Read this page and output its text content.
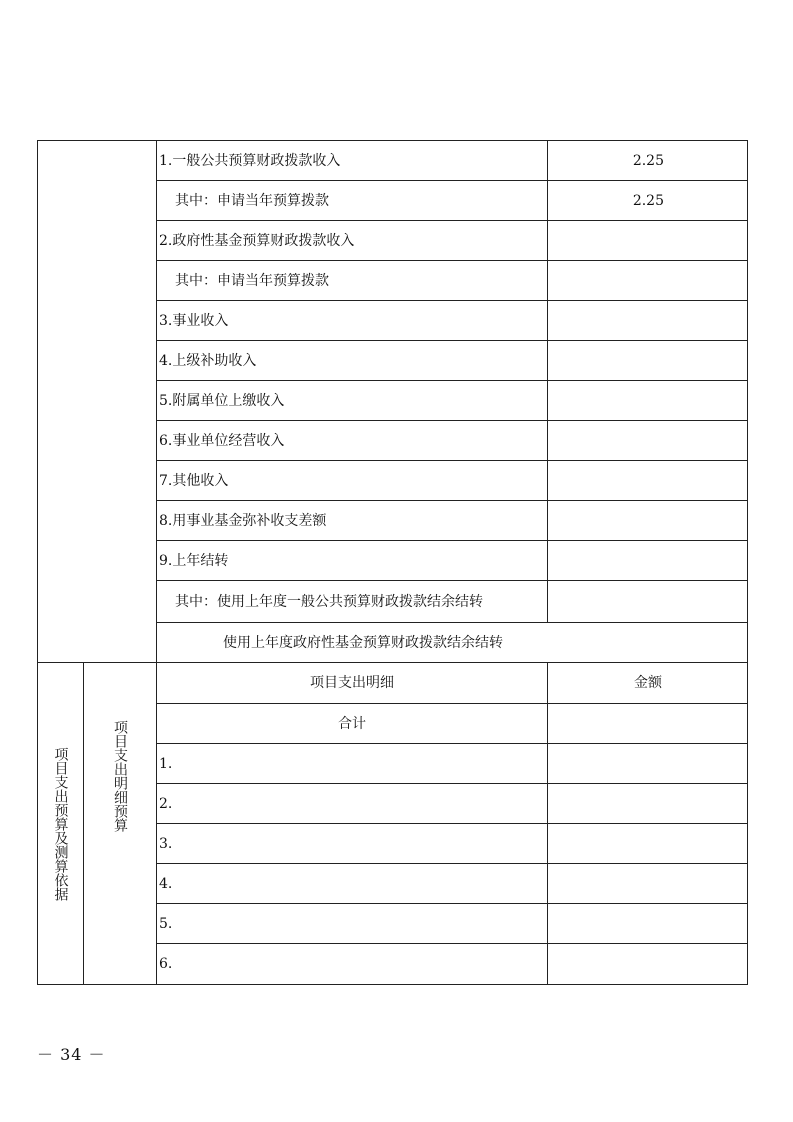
1.一般公共预算财政拨款收入	2.25
其中：申请当年预算拨款	2.25
2.政府性基金预算财政拨款收入
其中：申请当年预算拨款
3.事业收入
4.上级补助收入
5.附属单位上缴收入
6.事业单位经营收入
7.其他收入
8.用事业基金弥补收支差额
9.上年结转
其中：使用上年度一般公共预算财政拨款结余结转
使用上年度政府性基金预算财政拨款结余结转
项目支出预算及测算依据	项目支出明细预算
项目支出明细	金额
合计
1.
2.
3.
4.
5.
6.
－ 34 －
